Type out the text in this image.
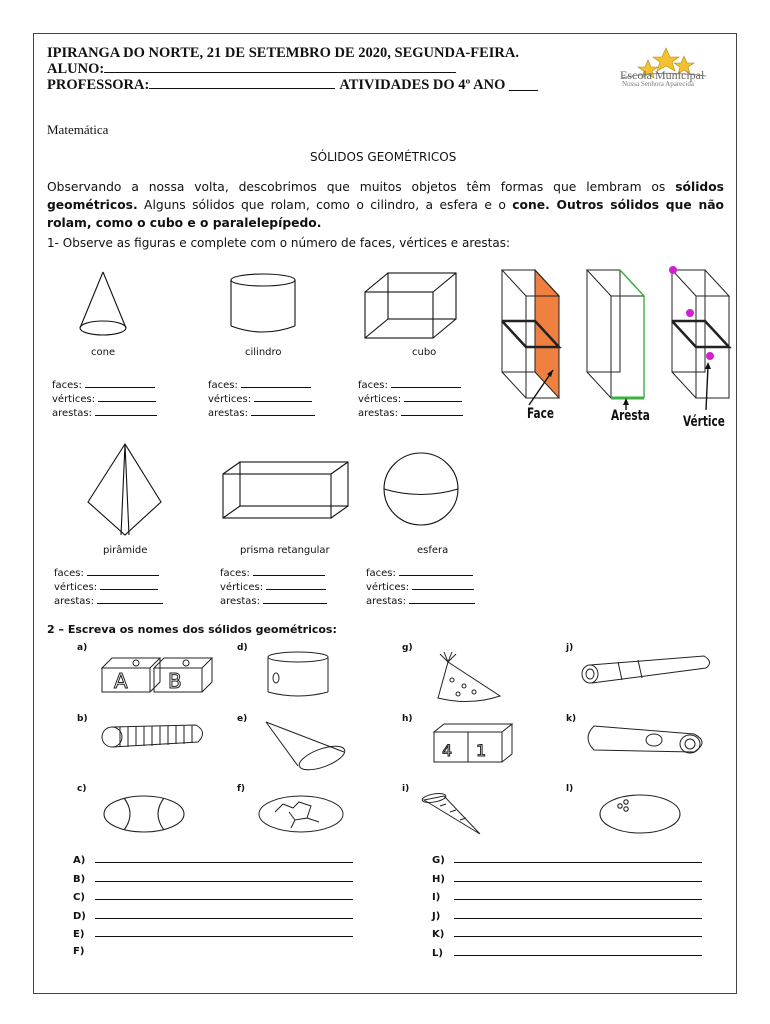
IPIRANGA DO NORTE, 21 DE SETEMBRO DE 2020, SEGUNDA-FEIRA.
ALUNO:
PROFESSORA:	ATIVIDADES DO 4º ANO ____
Escola Municipal
Nossa Senhora Aparecida
Matemática
SÓLIDOS GEOMÉTRICOS
Observando a nossa volta, descobrimos que muitos objetos têm formas que lembram os sólidos geométricos. Alguns sólidos que rolam, como o cilindro, a esfera e o cone. Outros sólidos que não rolam, como o cubo e o paralelepípedo.
1- Observe as figuras e complete com o número de faces, vértices e arestas:
cone	cilindro	cubo
faces:
vértices:
arestas:
faces:
vértices:
arestas:
faces:
vértices:
arestas:	Face	Aresta Vértice
pirâmide	prisma retangular	esfera
faces:
vértices:
arestas:
faces:
vértices:
arestas:
faces:
vértices:
arestas:
2 – Escreva os nomes dos sólidos geométricos:
a)
b)
c)
d)
e)
f)
g)
h)
i)
j)
k)
l)
A B
4 1
A)
B)
C)
D)
E)
F)
G)
H)
I)
J)
K)
L)
